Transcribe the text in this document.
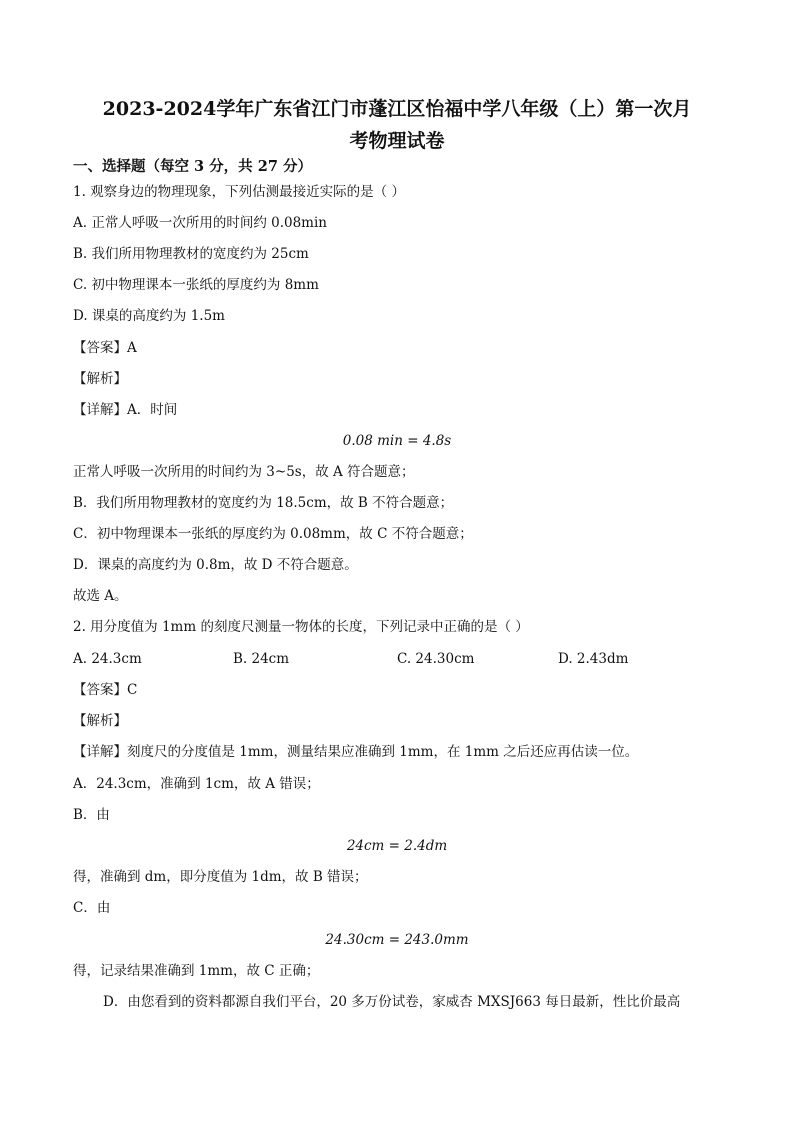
2023-2024学年广东省江门市蓬江区怡福中学八年级（上）第一次月
考物理试卷
一、选择题（每空 3 分，共 27 分）
1. 观察身边的物理现象，下列估测最接近实际的是（ ）
A. 正常人呼吸一次所用的时间约 0.08min
B. 我们所用物理教材的宽度约为 25cm
C. 初中物理课本一张纸的厚度约为 8mm
D. 课桌的高度约为 1.5m
【答案】A
【解析】
【详解】A．时间
0.08 min = 4.8s
正常人呼吸一次所用的时间约为 3~5s，故 A 符合题意；
B．我们所用物理教材的宽度约为 18.5cm，故 B 不符合题意；
C．初中物理课本一张纸的厚度约为 0.08mm，故 C 不符合题意；
D．课桌的高度约为 0.8m，故 D 不符合题意。
故选 A。
2. 用分度值为 1mm 的刻度尺测量一物体的长度，下列记录中正确的是（ ）
A. 24.3cm	B. 24cm	C. 24.30cm	D. 2.43dm
【答案】C
【解析】
【详解】刻度尺的分度值是 1mm，测量结果应准确到 1mm，在 1mm 之后还应再估读一位。
A．24.3cm，准确到 1cm，故 A 错误；
B．由
24cm = 2.4dm
得，准确到 dm，即分度值为 1dm，故 B 错误；
C．由
24.30cm = 243.0mm
得，记录结果准确到 1mm，故 C 正确；
D．由您看到的资料都源自我们平台，20 多万份试卷，家威杏 MXSJ663 每日最新，性比价最高
